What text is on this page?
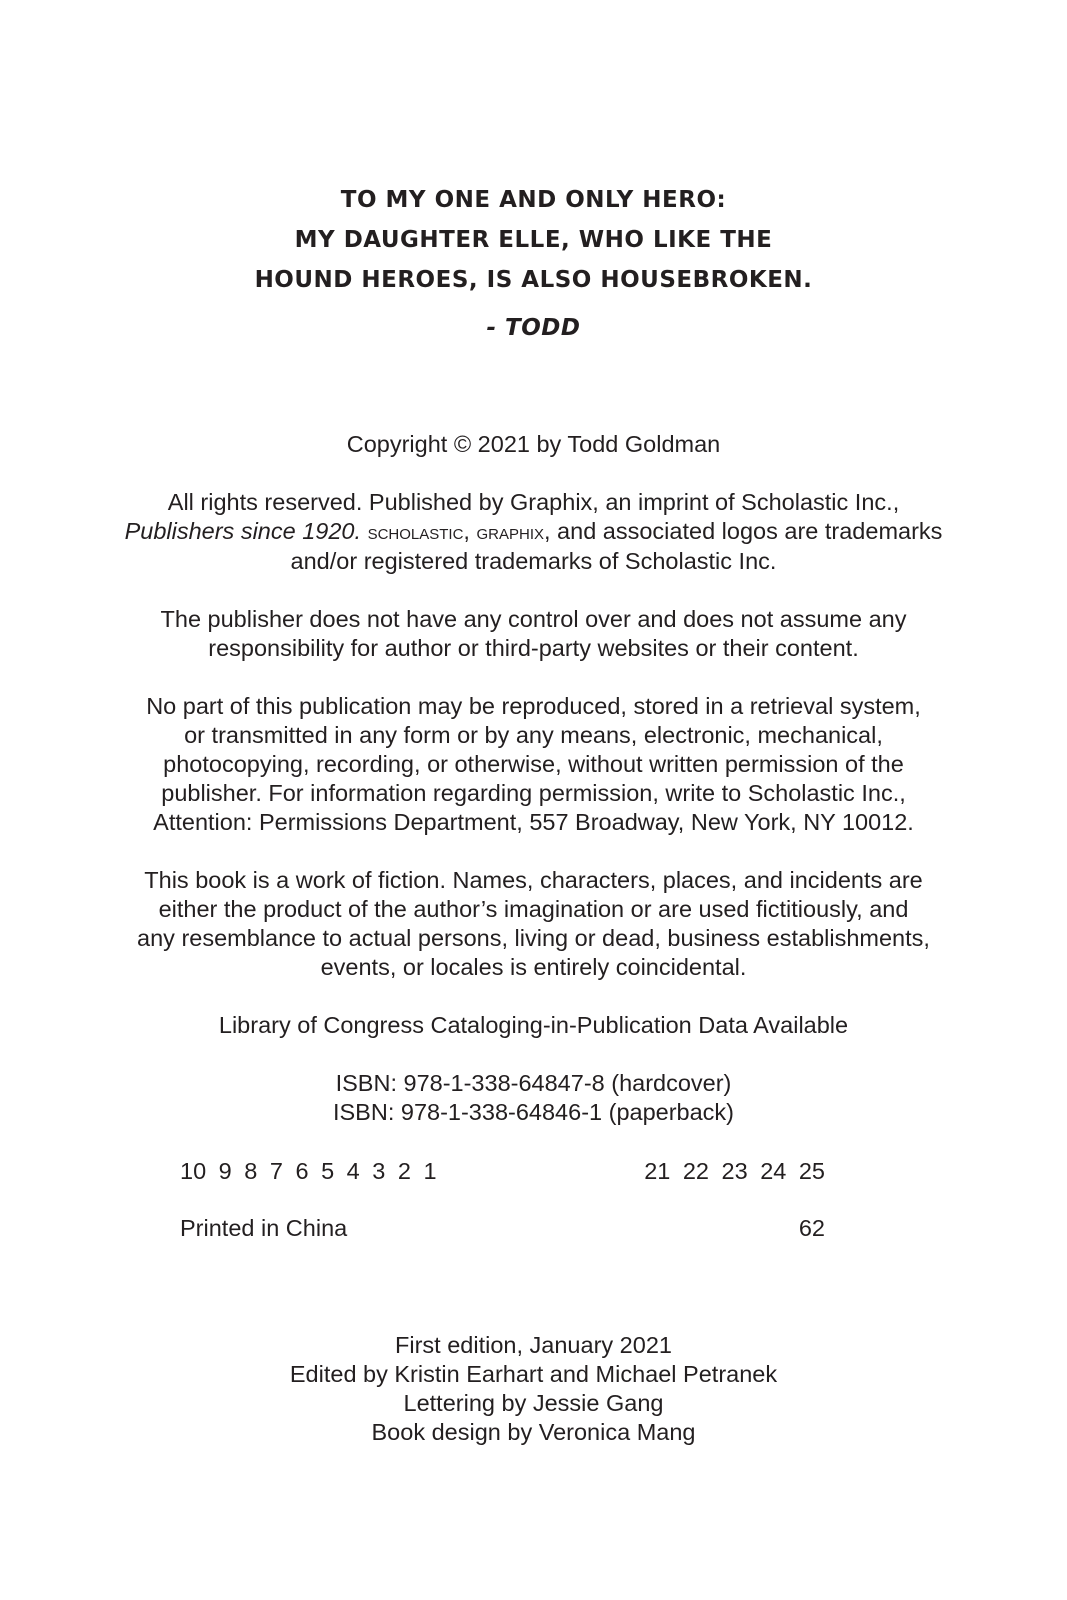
TO MY ONE AND ONLY HERO:
MY DAUGHTER ELLE, WHO LIKE THE
HOUND HEROES, IS ALSO HOUSEBROKEN.
- TODD

Copyright © 2021 by Todd Goldman

All rights reserved. Published by Graphix, an imprint of Scholastic Inc.,

Publishers since 1920. scholastic, graphix, and associated logos are trademarks

and/or registered trademarks of Scholastic Inc.

The publisher does not have any control over and does not assume any

responsibility for author or third-party websites or their content.

No part of this publication may be reproduced, stored in a retrieval system,

or transmitted in any form or by any means, electronic, mechanical,

photocopying, recording, or otherwise, without written permission of the

publisher. For information regarding permission, write to Scholastic Inc.,

Attention: Permissions Department, 557 Broadway, New York, NY 10012.

This book is a work of fiction. Names, characters, places, and incidents are

either the product of the author’s imagination or are used fictitiously, and

any resemblance to actual persons, living or dead, business establishments,

events, or locales is entirely coincidental.

Library of Congress Cataloging-in-Publication Data Available

ISBN: 978-1-338-64847-8 (hardcover)

ISBN: 978-1-338-64846-1 (paperback)

10 9 8 7 6 5 4 3 2 1	21 22 23 24 25
Printed in China	62

First edition, January 2021

Edited by Kristin Earhart and Michael Petranek

Lettering by Jessie Gang

Book design by Veronica Mang
